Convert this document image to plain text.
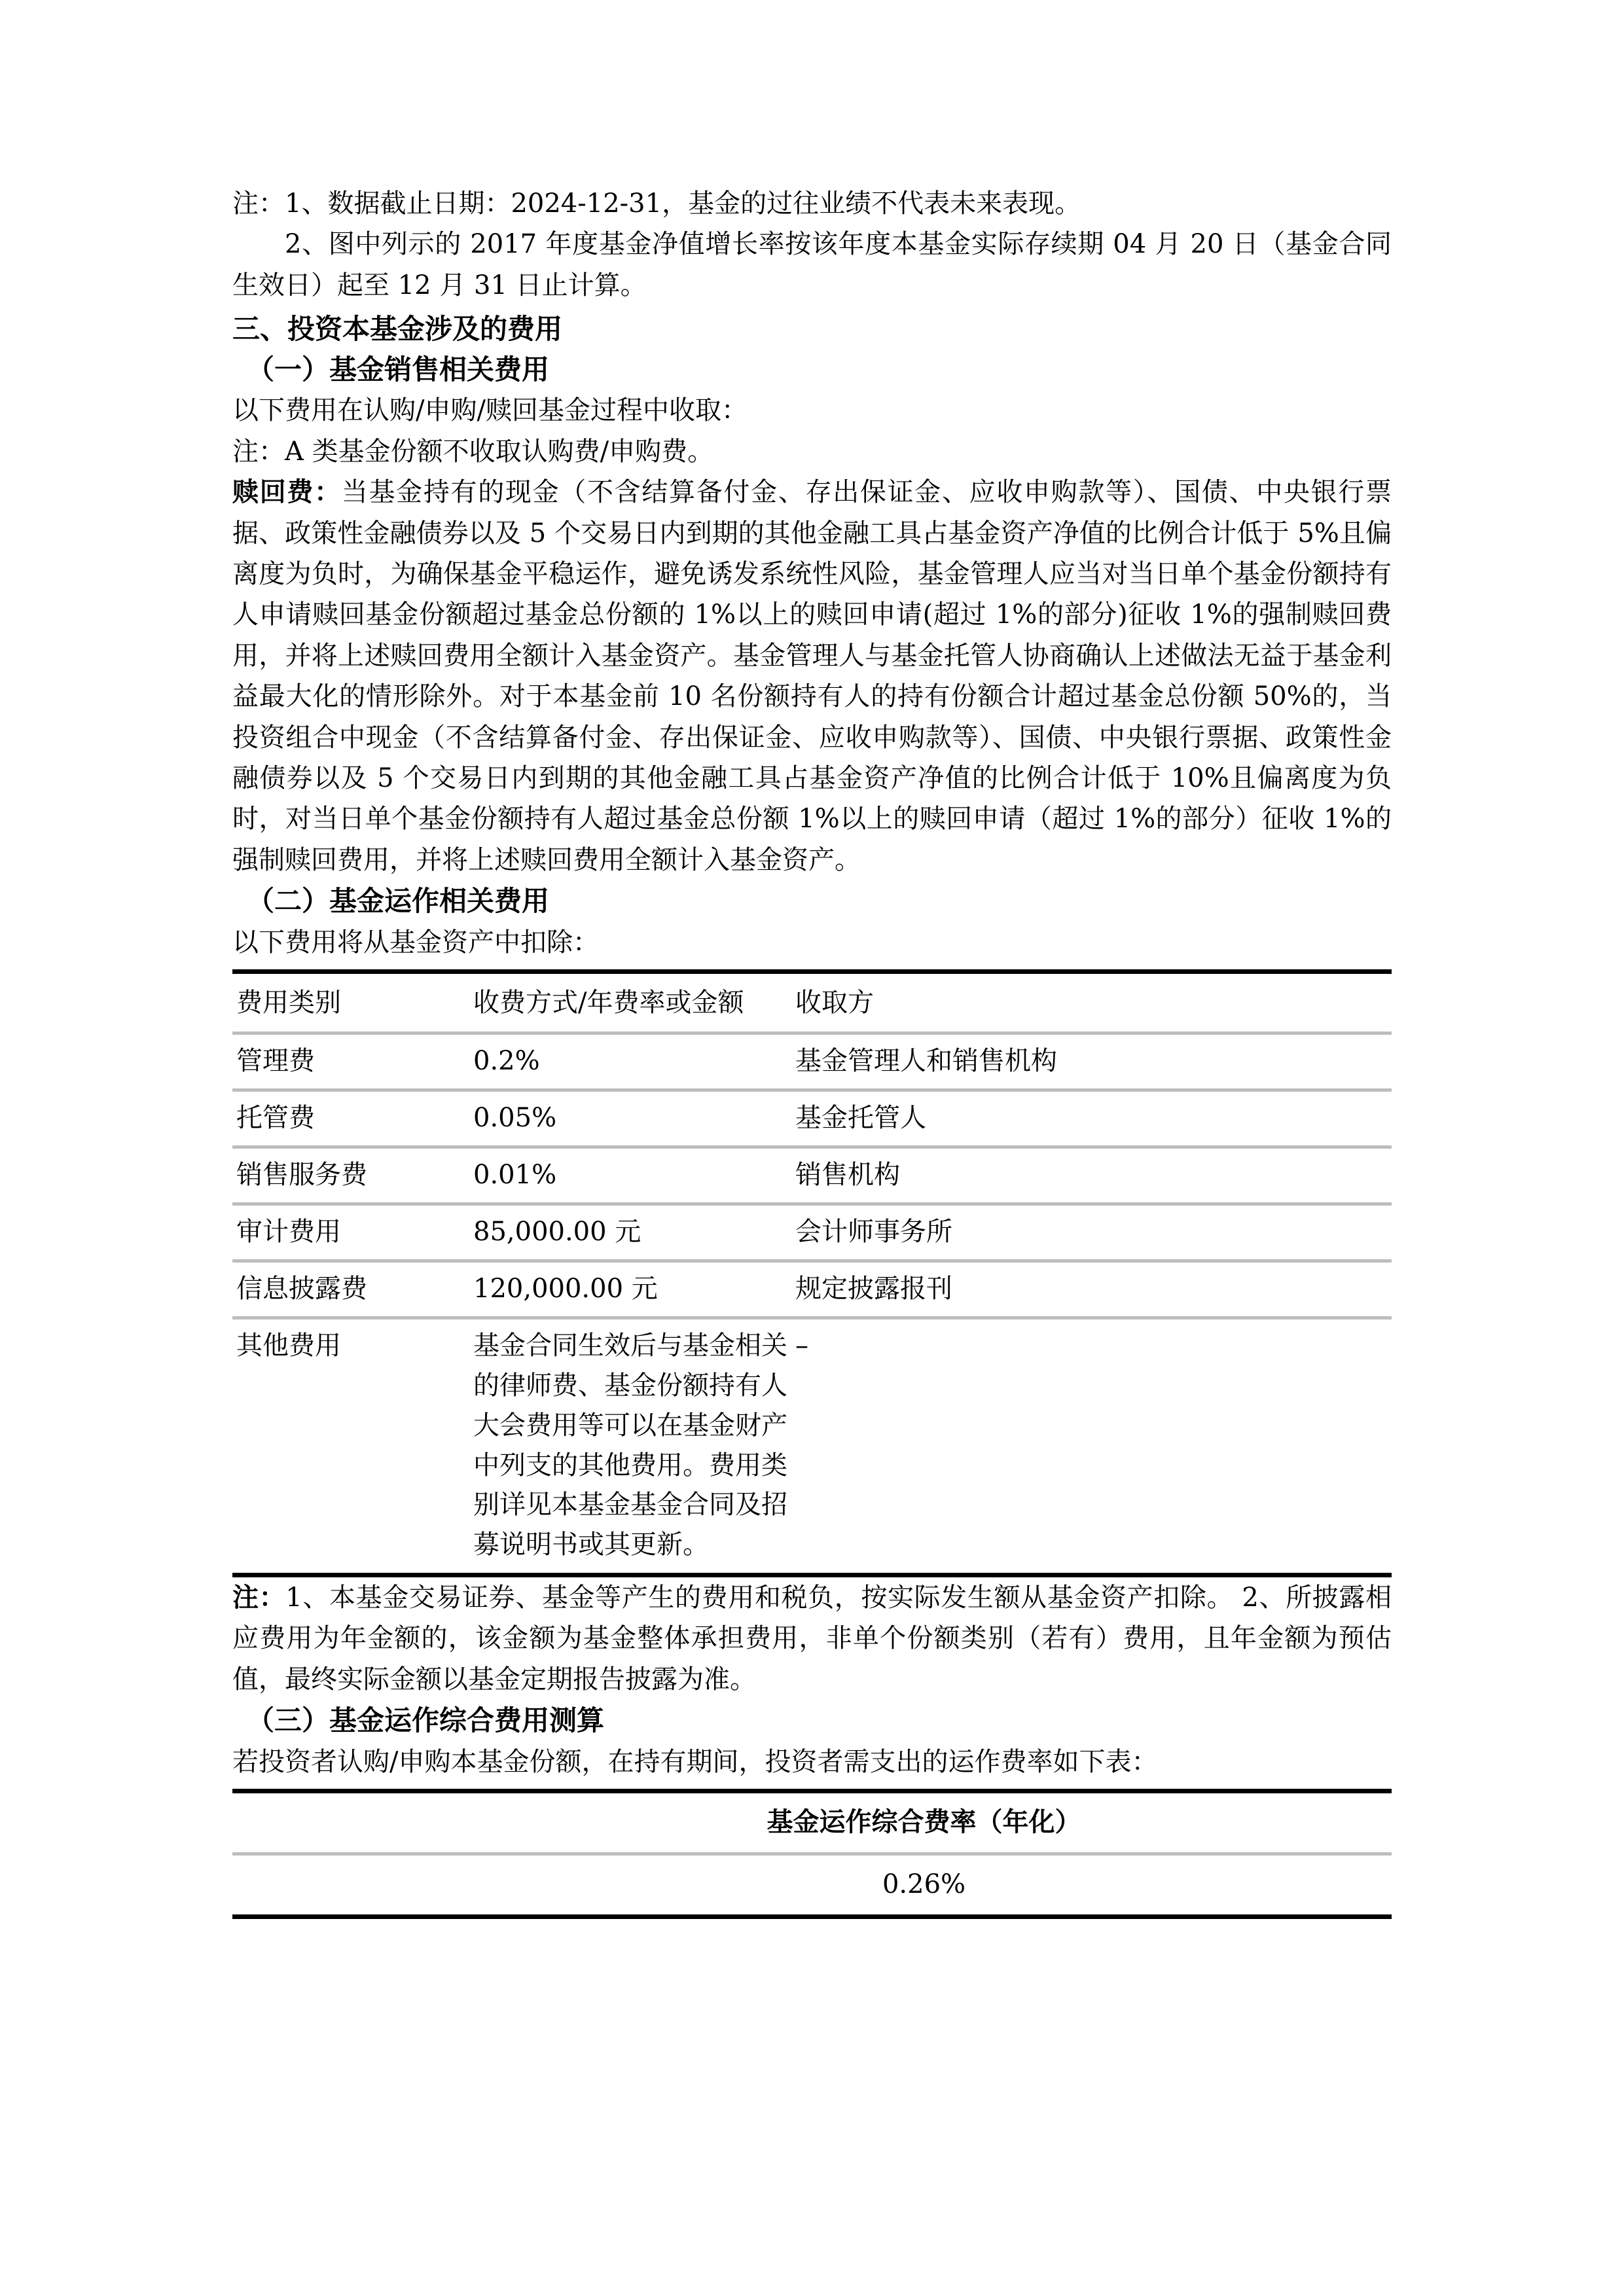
注：1、数据截止日期：2024-12-31，基金的过往业绩不代表未来表现。

2、图中列示的 2017 年度基金净值增长率按该年度本基金实际存续期 04 月 20 日（基金合同生效日）起至 12 月 31 日止计算。

三、投资本基金涉及的费用
（一）基金销售相关费用

以下费用在认购/申购/赎回基金过程中收取：

注：A 类基金份额不收取认购费/申购费。

赎回费：当基金持有的现金（不含结算备付金、存出保证金、应收申购款等）、国债、中央银行票据、政策性金融债券以及 5 个交易日内到期的其他金融工具占基金资产净值的比例合计低于 5%且偏离度为负时，为确保基金平稳运作，避免诱发系统性风险，基金管理人应当对当日单个基金份额持有人申请赎回基金份额超过基金总份额的 1%以上的赎回申请(超过 1%的部分)征收 1%的强制赎回费用，并将上述赎回费用全额计入基金资产。基金管理人与基金托管人协商确认上述做法无益于基金利益最大化的情形除外。对于本基金前 10 名份额持有人的持有份额合计超过基金总份额 50%的，当投资组合中现金（不含结算备付金、存出保证金、应收申购款等）、国债、中央银行票据、政策性金融债券以及 5 个交易日内到期的其他金融工具占基金资产净值的比例合计低于 10%且偏离度为负时，对当日单个基金份额持有人超过基金总份额 1%以上的赎回申请（超过 1%的部分）征收 1%的强制赎回费用，并将上述赎回费用全额计入基金资产。

（二）基金运作相关费用

以下费用将从基金资产中扣除：

费用类别	收费方式/年费率或金额	收取方
管理费	0.2%	基金管理人和销售机构
托管费	0.05%	基金托管人
销售服务费	0.01%	销售机构
审计费用	85,000.00 元	会计师事务所
信息披露费	120,000.00 元	规定披露报刊
其他费用	基金合同生效后与基金相关的律师费、基金份额持有人大会费用等可以在基金财产中列支的其他费用。费用类别详见本基金基金合同及招募说明书或其更新。	–

注：1、本基金交易证券、基金等产生的费用和税负，按实际发生额从基金资产扣除。 2、所披露相应费用为年金额的，该金额为基金整体承担费用，非单个份额类别（若有）费用，且年金额为预估值，最终实际金额以基金定期报告披露为准。

（三）基金运作综合费用测算

若投资者认购/申购本基金份额，在持有期间，投资者需支出的运作费率如下表：

	基金运作综合费率（年化）
	0.26%
